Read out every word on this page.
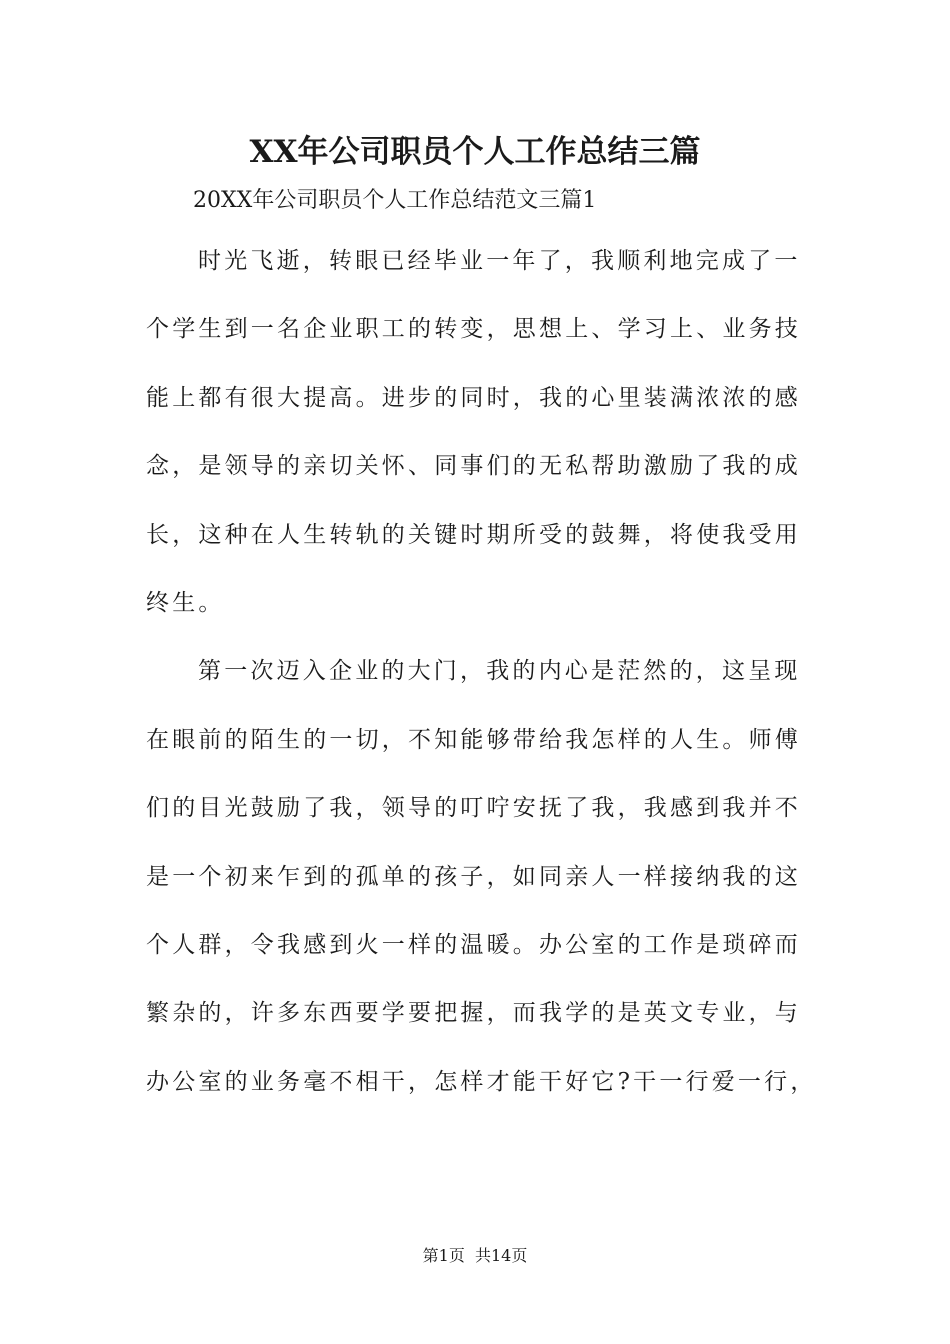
XX年公司职员个人工作总结三篇

20XX年公司职员个人工作总结范文三篇1

时光飞逝，转眼已经毕业一年了，我顺利地完成了一
个学生到一名企业职工的转变，思想上、学习上、业务技
能上都有很大提高。进步的同时，我的心里装满浓浓的感
念，是领导的亲切关怀、同事们的无私帮助激励了我的成
长，这种在人生转轨的关键时期所受的鼓舞，将使我受用
终生。
第一次迈入企业的大门，我的内心是茫然的，这呈现
在眼前的陌生的一切，不知能够带给我怎样的人生。师傅
们的目光鼓励了我，领导的叮咛安抚了我，我感到我并不
是一个初来乍到的孤单的孩子，如同亲人一样接纳我的这
个人群，令我感到火一样的温暖。办公室的工作是琐碎而
繁杂的，许多东西要学要把握，而我学的是英文专业，与
办公室的业务毫不相干，怎样才能干好它?干一行爱一行，
第1页  共14页
